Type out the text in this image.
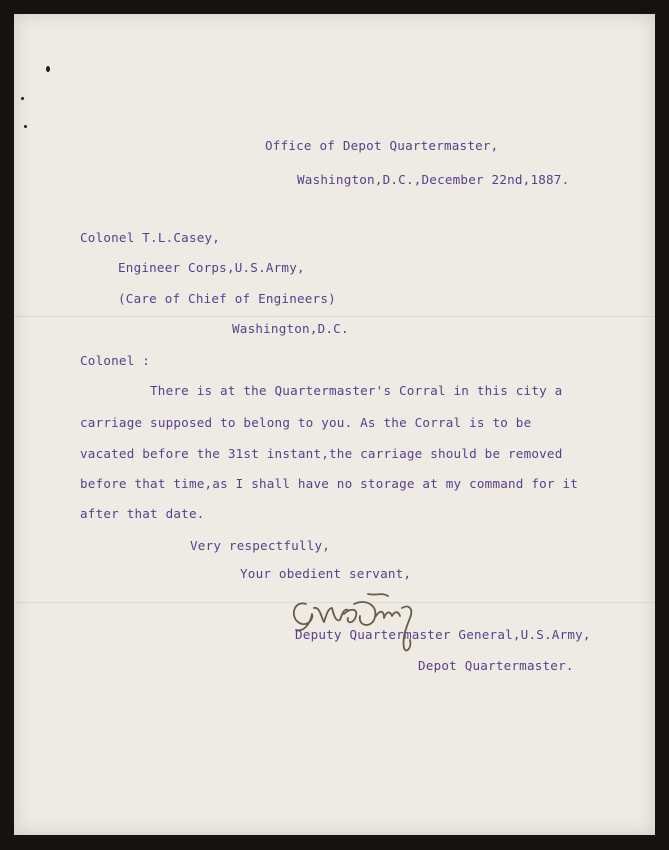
Office of Depot Quartermaster,
Washington,D.C.,December 22nd,1887.
Colonel T.L.Casey,
Engineer Corps,U.S.Army,
(Care of Chief of Engineers)
Washington,D.C.
Colonel :
There is at the Quartermaster's Corral in this city a
carriage supposed to belong to you. As the Corral is to be
vacated before the 31st instant,the carriage should be removed
before that time,as I shall have no storage at my command for it
after that date.
Very respectfully,
Your obedient servant,
Deputy Quartermaster General,U.S.Army,
Depot Quartermaster.
